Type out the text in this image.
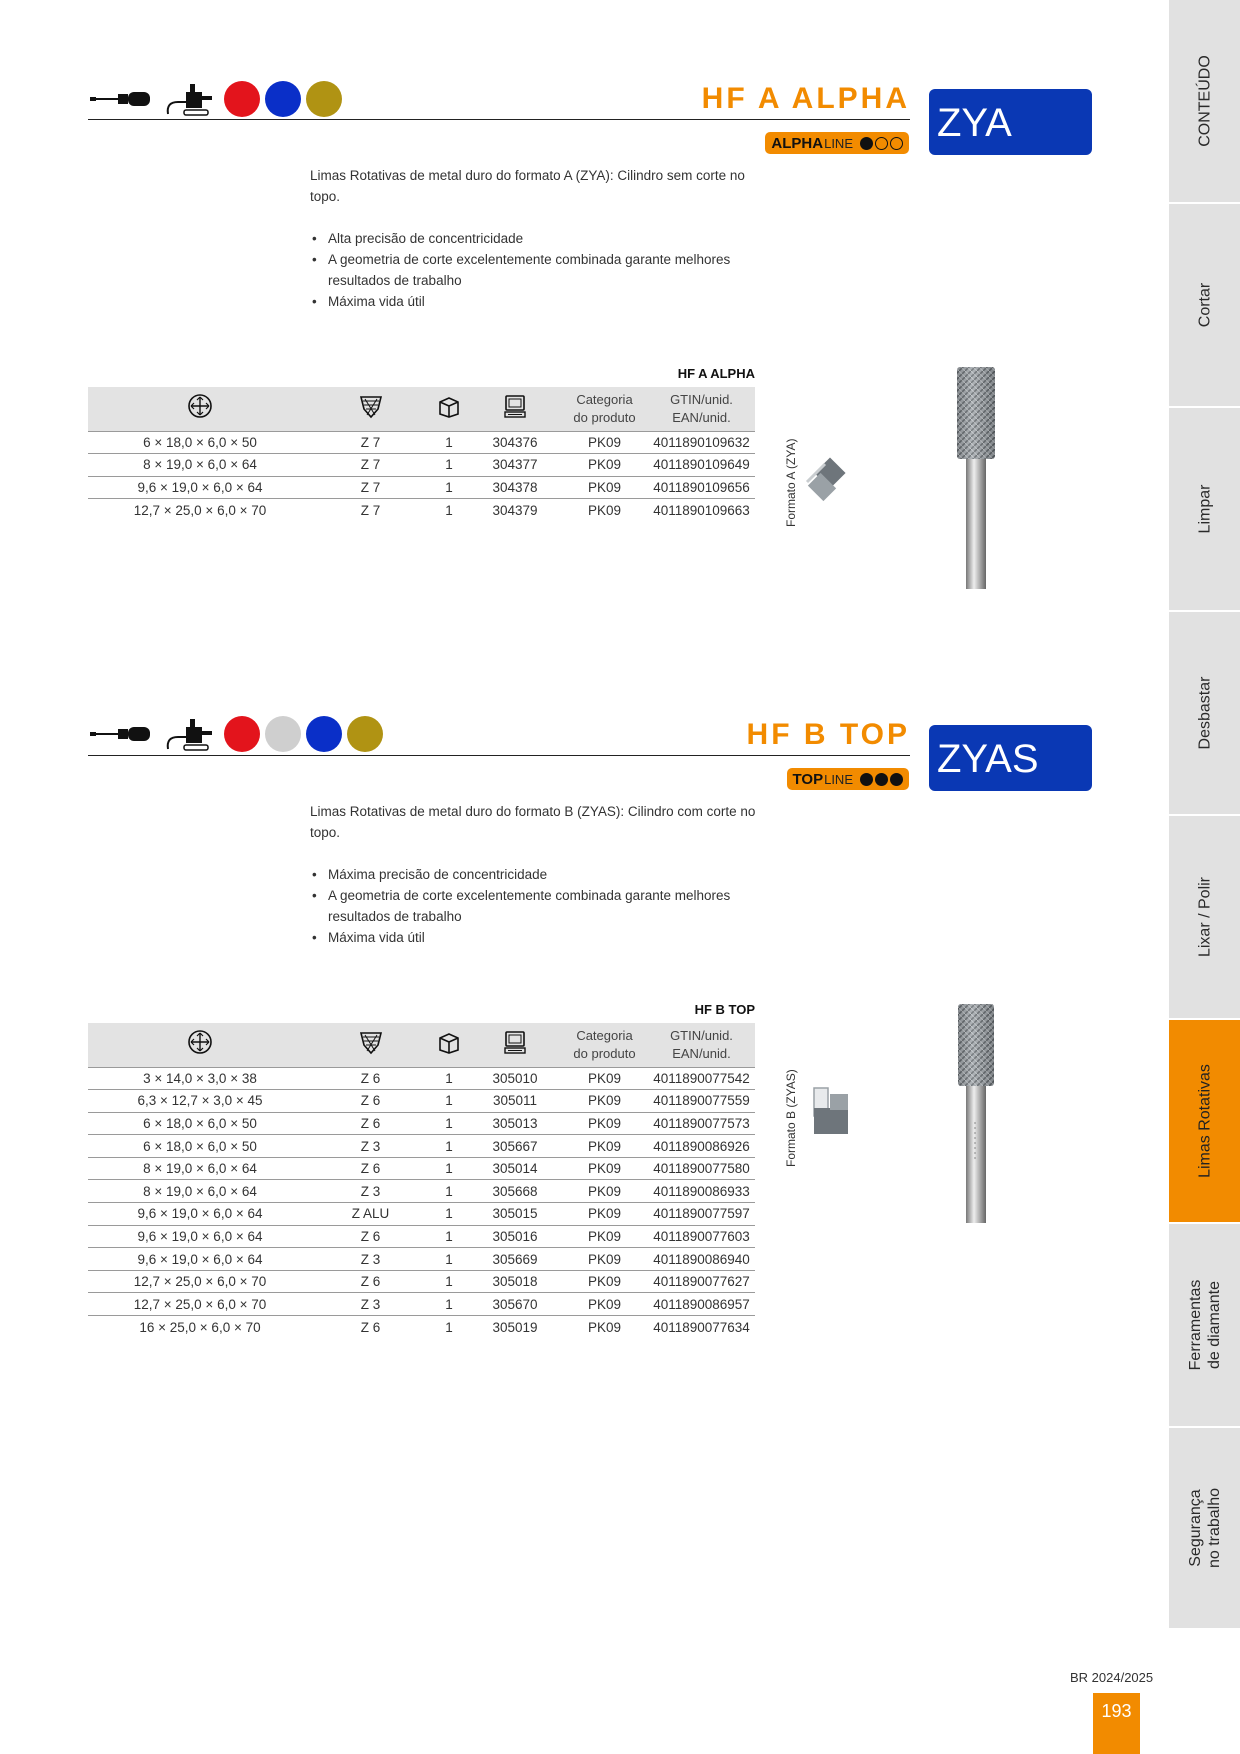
CONTEÚDO
Cortar
Limpar
Desbastar
Lixar / Polir
Limas Rotativas
Ferramentas
de diamante
Segurança
no trabalho
HF A ALPHA
ALPHA LINE ZYA
Limas Rotativas de metal duro do formato A (ZYA): Cilindro sem corte no topo.
• Alta precisão de concentricidade
• A geometria de corte excelentemente combinada garante melhores resultados de trabalho
• Máxima vida útil
HF A ALPHA
				Categoria
do produto	GTIN/unid.
EAN/unid.
6 × 18,0 × 6,0 × 50	Z 7	1	304376	PK09	4011890109632
8 × 19,0 × 6,0 × 64	Z 7	1	304377	PK09	4011890109649
9,6 × 19,0 × 6,0 × 64	Z 7	1	304378	PK09	4011890109656
12,7 × 25,0 × 6,0 × 70	Z 7	1	304379	PK09	4011890109663	Formato A (ZYA)
HF B TOP
TOP LINE ZYAS
Limas Rotativas de metal duro do formato B (ZYAS): Cilindro com corte no topo.
• Máxima precisão de concentricidade
• A geometria de corte excelentemente combinada garante melhores resultados de trabalho
• Máxima vida útil
HF B TOP
				Categoria
do produto	GTIN/unid.
EAN/unid.
3 × 14,0 × 3,0 × 38	Z 6	1	305010	PK09	4011890077542
6,3 × 12,7 × 3,0 × 45	Z 6	1	305011	PK09	4011890077559
6 × 18,0 × 6,0 × 50	Z 6	1	305013	PK09	4011890077573
6 × 18,0 × 6,0 × 50	Z 3	1	305667	PK09	4011890086926
8 × 19,0 × 6,0 × 64	Z 6	1	305014	PK09	4011890077580
8 × 19,0 × 6,0 × 64	Z 3	1	305668	PK09	4011890086933
9,6 × 19,0 × 6,0 × 64	Z ALU	1	305015	PK09	4011890077597
9,6 × 19,0 × 6,0 × 64	Z 6	1	305016	PK09	4011890077603
9,6 × 19,0 × 6,0 × 64	Z 3	1	305669	PK09	4011890086940
12,7 × 25,0 × 6,0 × 70	Z 6	1	305018	PK09	4011890077627
12,7 × 25,0 × 6,0 × 70	Z 3	1	305670	PK09	4011890086957
16 × 25,0 × 6,0 × 70	Z 6	1	305019	PK09	4011890077634
Formato B (ZYAS)
BR 2024/2025
193
